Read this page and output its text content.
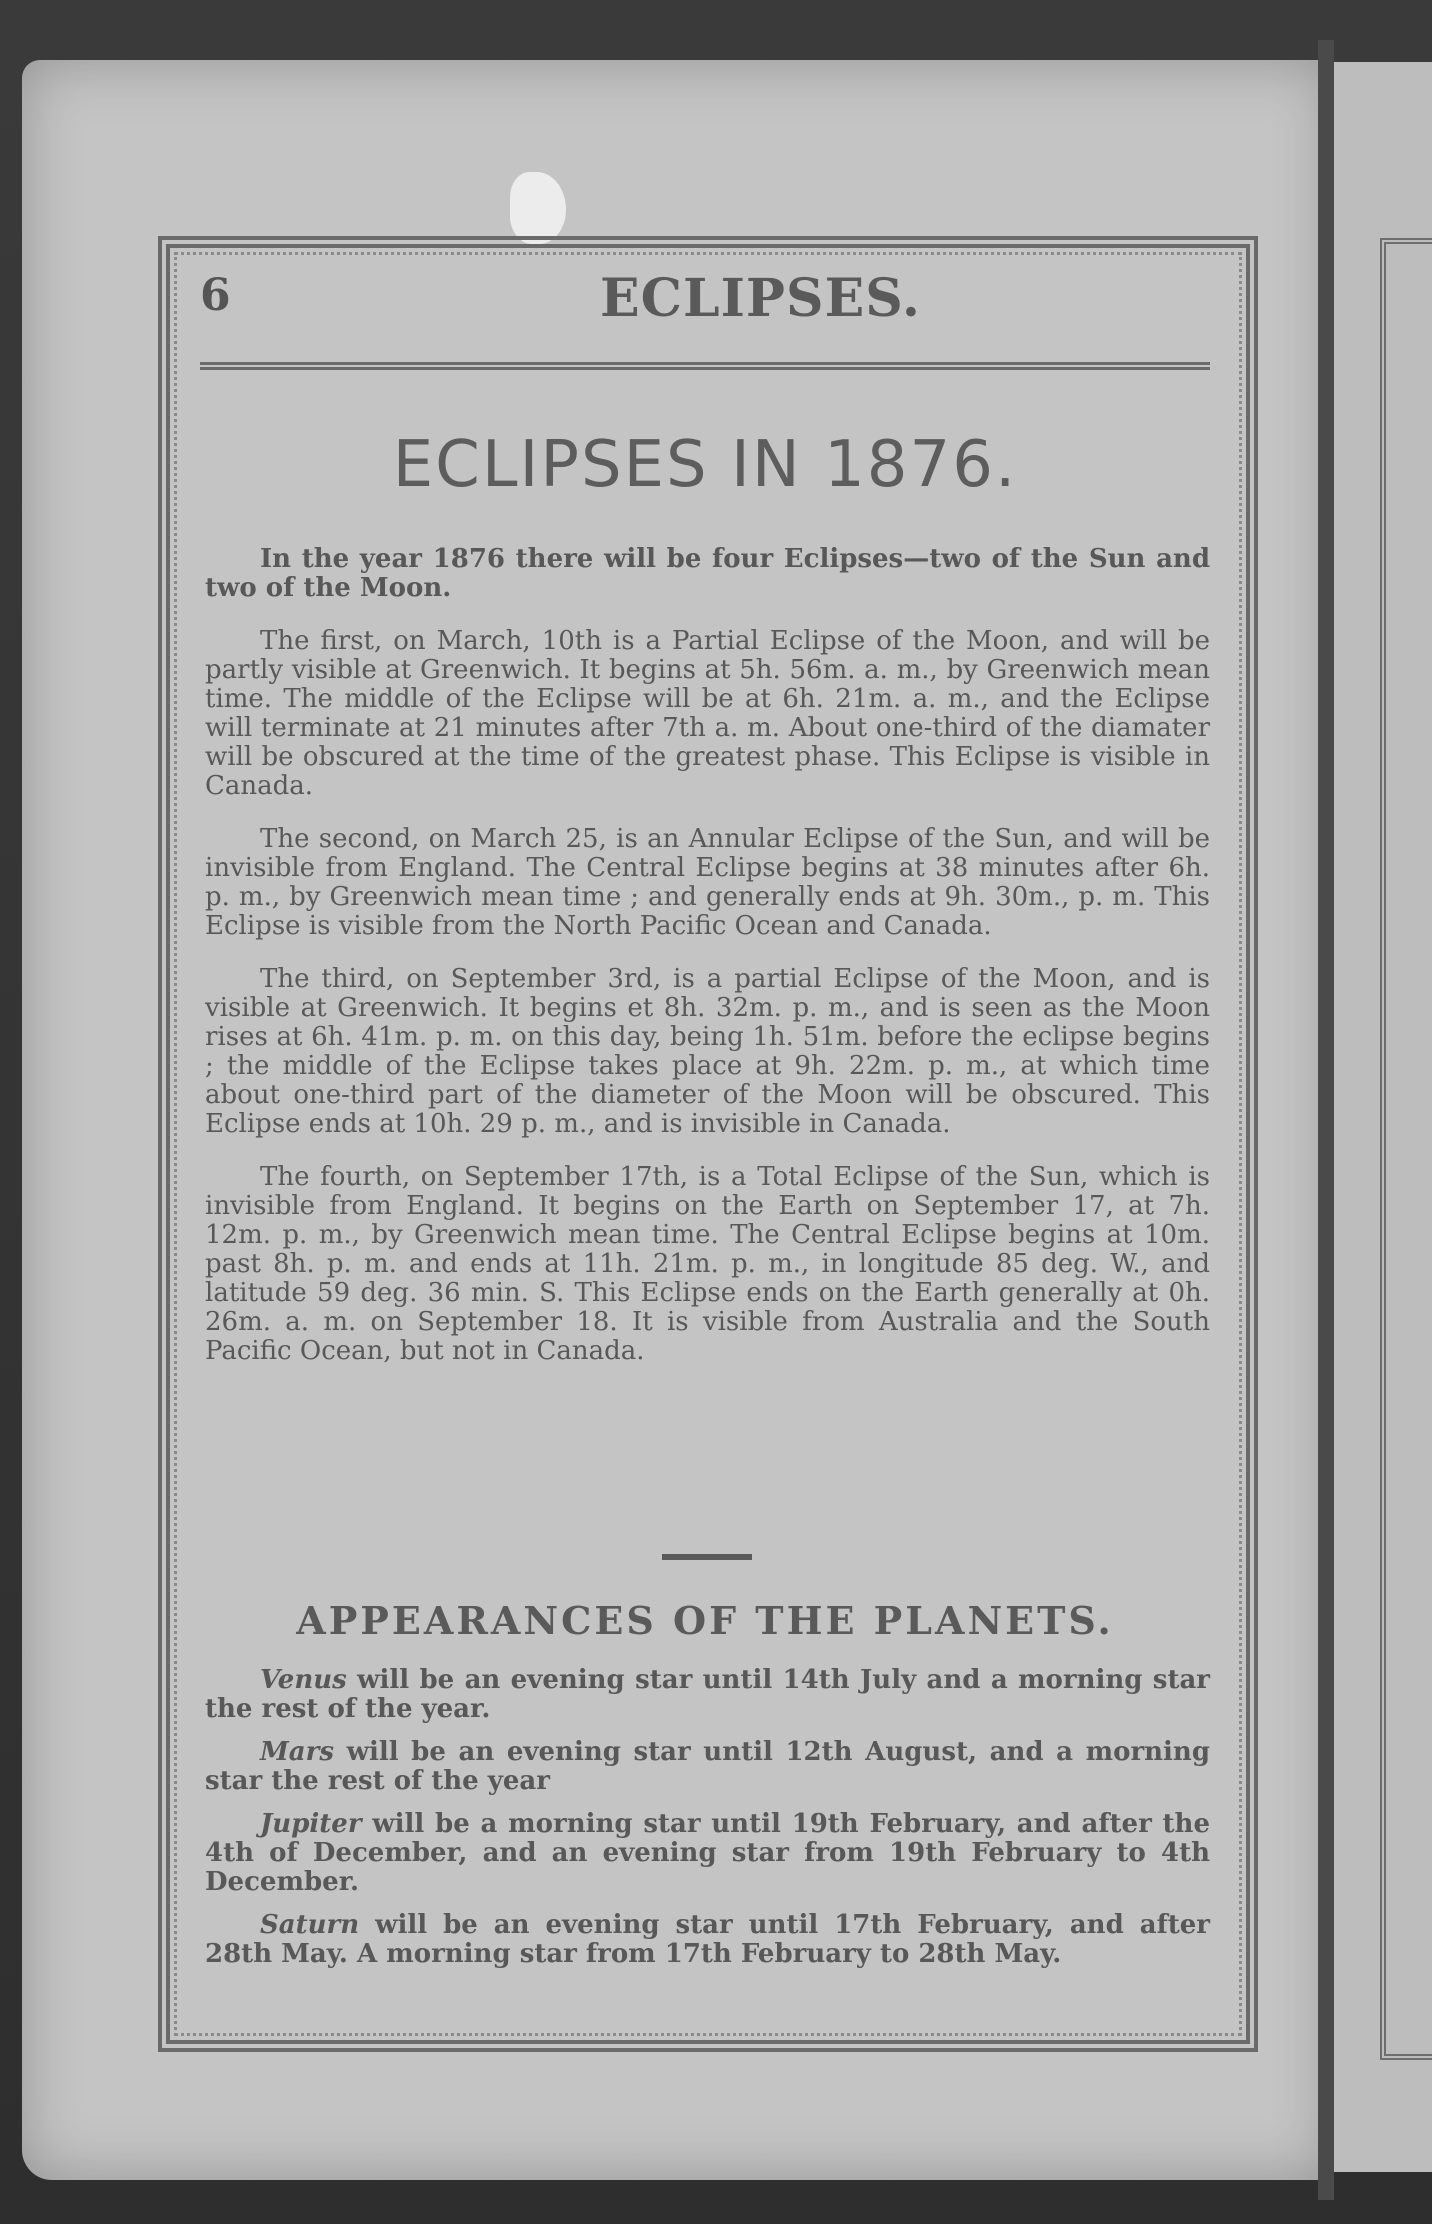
6	ECLIPSES.
ECLIPSES IN 1876.

In the year 1876 there will be four Eclipses—two of the Sun and two of the Moon.

The first, on March, 10th is a Partial Eclipse of the Moon, and will be partly visible at Greenwich. It begins at 5h. 56m. a. m., by Greenwich mean time. The middle of the Eclipse will be at 6h. 21m. a. m., and the Eclipse will terminate at 21 minutes after 7th a. m. About one-third of the diamater will be obscured at the time of the greatest phase. This Eclipse is visible in Canada.

The second, on March 25, is an Annular Eclipse of the Sun, and will be invisible from England. The Central Eclipse begins at 38 minutes after 6h. p. m., by Greenwich mean time ; and generally ends at 9h. 30m., p. m. This Eclipse is visible from the North Pacific Ocean and Canada.

The third, on September 3rd, is a partial Eclipse of the Moon, and is visible at Greenwich. It begins et 8h. 32m. p. m., and is seen as the Moon rises at 6h. 41m. p. m. on this day, being 1h. 51m. before the eclipse begins ; the middle of the Eclipse takes place at 9h. 22m. p. m., at which time about one-third part of the diameter of the Moon will be obscured. This Eclipse ends at 10h. 29 p. m., and is invisible in Canada.

The fourth, on September 17th, is a Total Eclipse of the Sun, which is invisible from England. It begins on the Earth on September 17, at 7h. 12m. p. m., by Greenwich mean time. The Central Eclipse begins at 10m. past 8h. p. m. and ends at 11h. 21m. p. m., in longitude 85 deg. W., and latitude 59 deg. 36 min. S. This Eclipse ends on the Earth generally at 0h. 26m. a. m. on September 18. It is visible from Australia and the South Pacific Ocean, but not in Canada.

APPEARANCES OF THE PLANETS.

Venus will be an evening star until 14th July and a morning star the rest of the year.

Mars will be an evening star until 12th August, and a morning star the rest of the year

Jupiter will be a morning star until 19th February, and after the 4th of December, and an evening star from 19th February to 4th December.

Saturn will be an evening star until 17th February, and after 28th May. A morning star from 17th February to 28th May.
